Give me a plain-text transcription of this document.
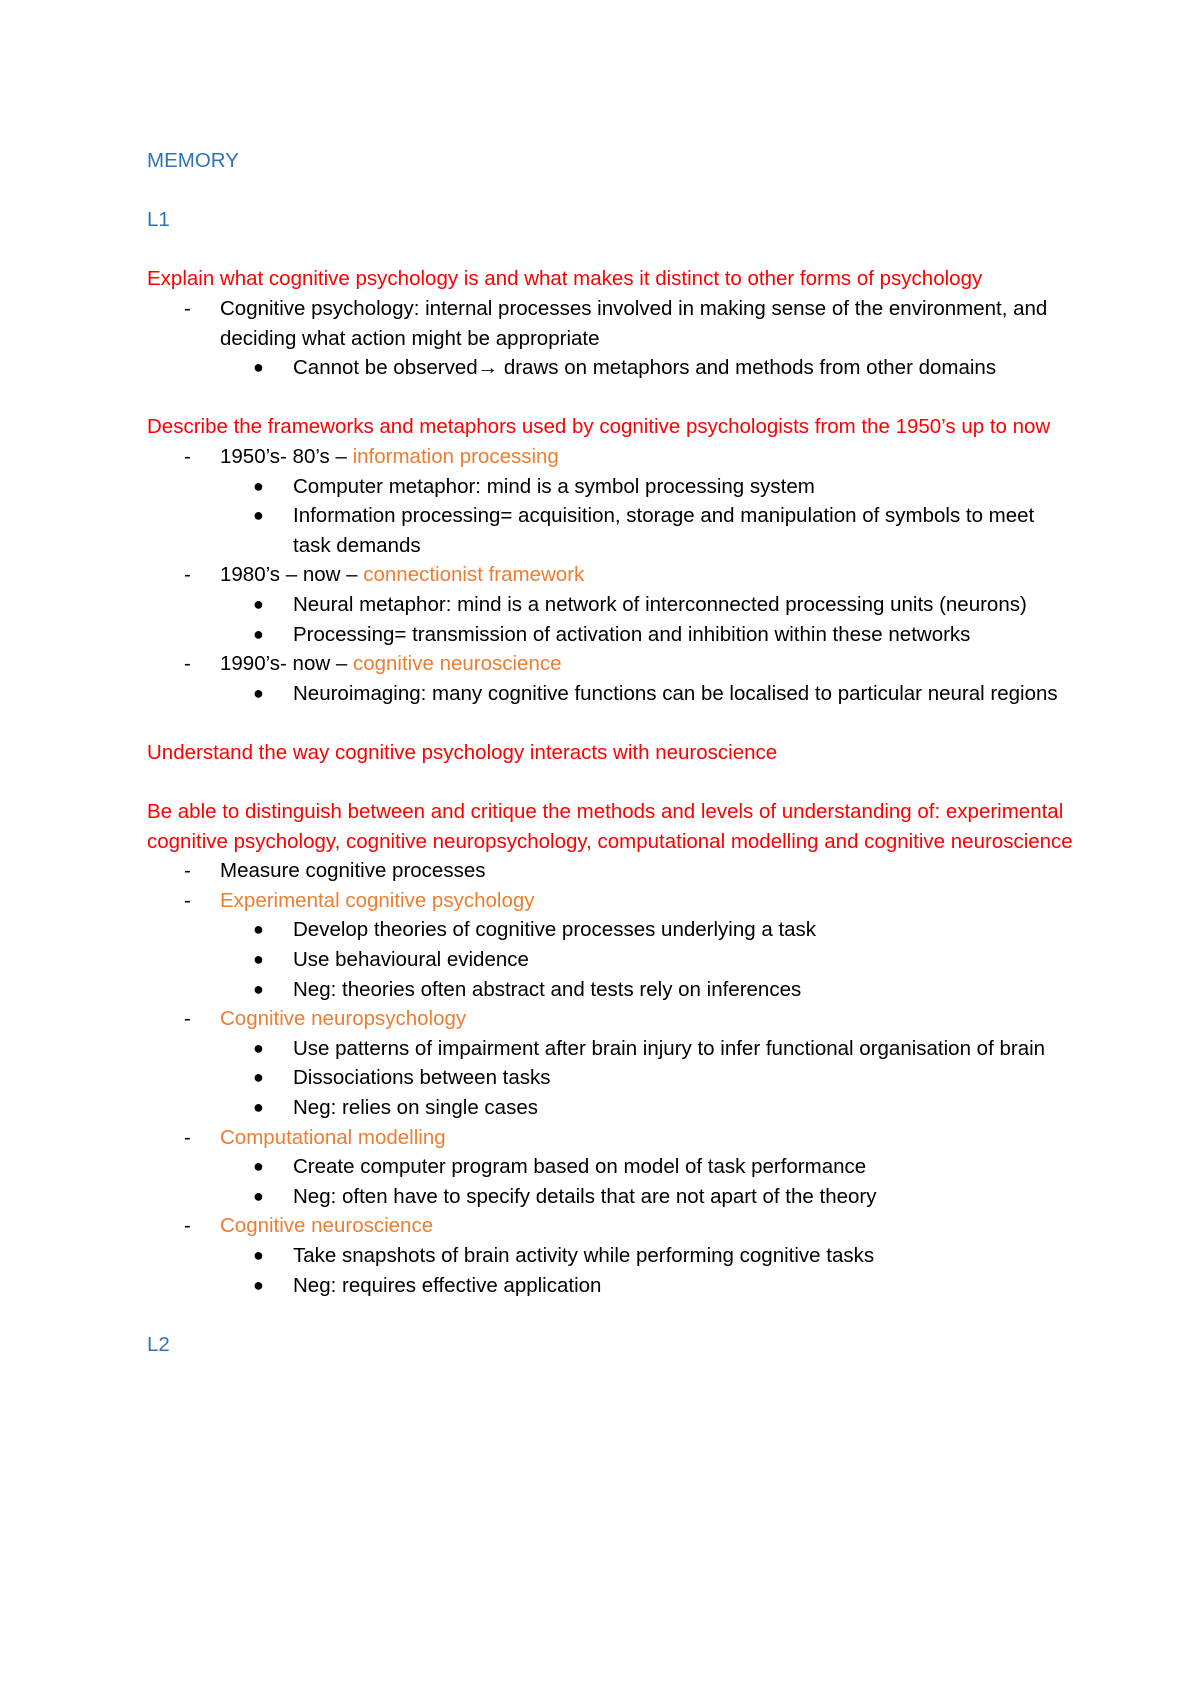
MEMORY
L1
Explain what cognitive psychology is and what makes it distinct to other forms of psychology
- Cognitive psychology: internal processes involved in making sense of the environment, and deciding what action might be appropriate
● Cannot be observed→ draws on metaphors and methods from other domains
Describe the frameworks and metaphors used by cognitive psychologists from the 1950’s up to now
- 1950’s- 80’s – information processing
● Computer metaphor: mind is a symbol processing system
● Information processing= acquisition, storage and manipulation of symbols to meet task demands
- 1980’s – now – connectionist framework
● Neural metaphor: mind is a network of interconnected processing units (neurons)
● Processing= transmission of activation and inhibition within these networks
- 1990’s- now – cognitive neuroscience
● Neuroimaging: many cognitive functions can be localised to particular neural regions
Understand the way cognitive psychology interacts with neuroscience
Be able to distinguish between and critique the methods and levels of understanding of: experimental cognitive psychology, cognitive neuropsychology, computational modelling and cognitive neuroscience
- Measure cognitive processes
- Experimental cognitive psychology
● Develop theories of cognitive processes underlying a task
● Use behavioural evidence
● Neg: theories often abstract and tests rely on inferences
- Cognitive neuropsychology
● Use patterns of impairment after brain injury to infer functional organisation of brain
● Dissociations between tasks
● Neg: relies on single cases
- Computational modelling
● Create computer program based on model of task performance
● Neg: often have to specify details that are not apart of the theory
- Cognitive neuroscience
● Take snapshots of brain activity while performing cognitive tasks
● Neg: requires effective application
L2
